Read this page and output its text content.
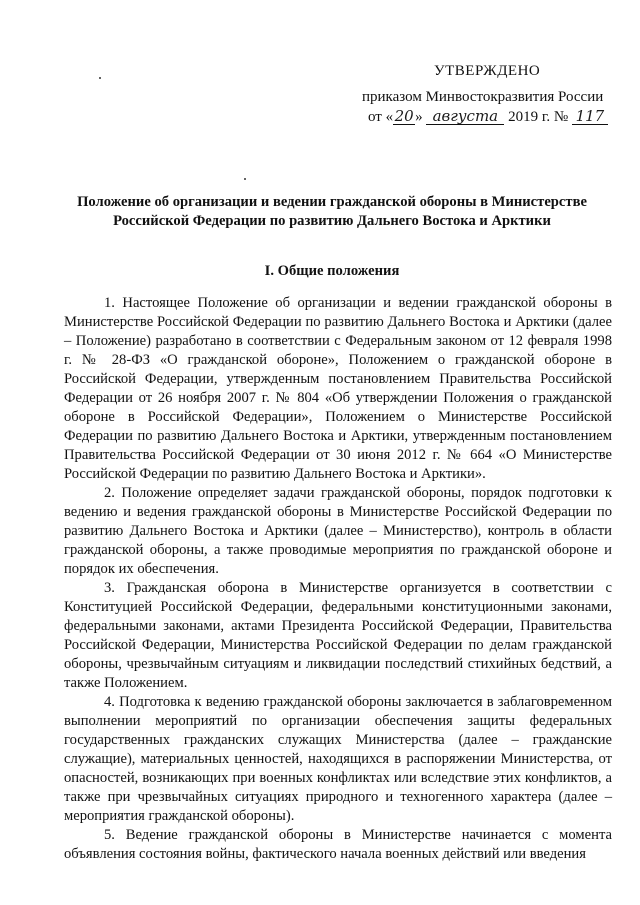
УТВЕРЖДЕНО
приказом Минвостокразвития России
от «20» августа 2019 г. № 117
Положение об организации и ведении гражданской обороны в Министерстве Российской Федерации по развитию Дальнего Востока и Арктики
I. Общие положения

1. Настоящее Положение об организации и ведении гражданской обороны в Министерстве Российской Федерации по развитию Дальнего Востока и Арктики (далее – Положение) разработано в соответствии с Федеральным законом от 12 февраля 1998 г. № 28-ФЗ «О гражданской обороне», Положением о гражданской обороне в Российской Федерации, утвержденным постановлением Правительства Российской Федерации от 26 ноября 2007 г. № 804 «Об утверждении Положения о гражданской обороне в Российской Федерации», Положением о Министерстве Российской Федерации по развитию Дальнего Востока и Арктики, утвержденным постановлением Правительства Российской Федерации от 30 июня 2012 г. № 664 «О Министерстве Российской Федерации по развитию Дальнего Востока и Арктики».

2. Положение определяет задачи гражданской обороны, порядок подготовки к ведению и ведения гражданской обороны в Министерстве Российской Федерации по развитию Дальнего Востока и Арктики (далее – Министерство), контроль в области гражданской обороны, а также проводимые мероприятия по гражданской обороне и порядок их обеспечения.

3. Гражданская оборона в Министерстве организуется в соответствии с Конституцией Российской Федерации, федеральными конституционными законами, федеральными законами, актами Президента Российской Федерации, Правительства Российской Федерации, Министерства Российской Федерации по делам гражданской обороны, чрезвычайным ситуациям и ликвидации последствий стихийных бедствий, а также Положением.

4. Подготовка к ведению гражданской обороны заключается в заблаговременном выполнении мероприятий по организации обеспечения защиты федеральных государственных гражданских служащих Министерства (далее – гражданские служащие), материальных ценностей, находящихся в распоряжении Министерства, от опасностей, возникающих при военных конфликтах или вследствие этих конфликтов, а также при чрезвычайных ситуациях природного и техногенного характера (далее – мероприятия гражданской обороны).

5. Ведение гражданской обороны в Министерстве начинается с момента объявления состояния войны, фактического начала военных действий или введения
